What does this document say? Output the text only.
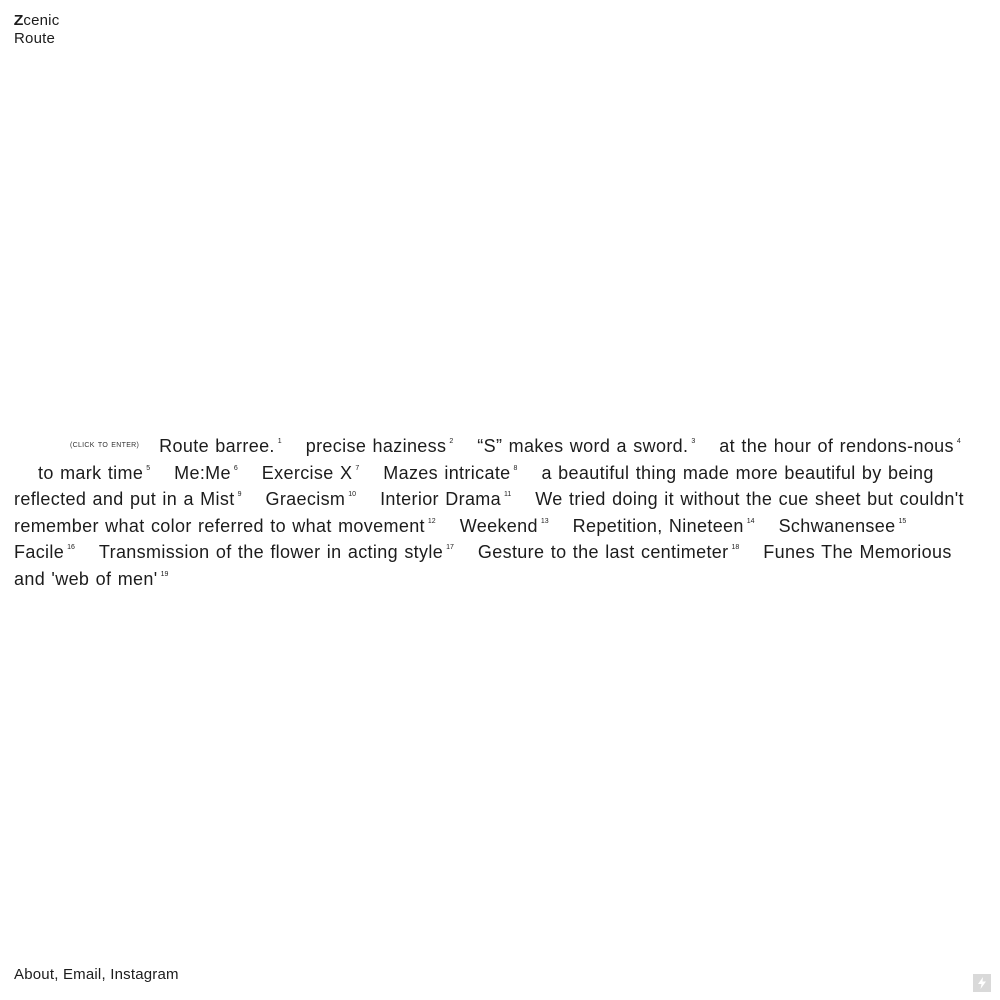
Zcenic
Route
(CLICK TO ENTER) Route barree. $^1$ precise haziness $^2$ “S” makes word a sword. $^3$ at the hour of rendons-nous $^4$to mark time $^5$ Me:Me $^6$ Exercise X $^7$ Mazes intricate $^8$ a beautiful thing made more beautiful by being reflected and put in a Mist $^9$ Graecism $^{10}$ Interior Drama $^{11}$ We tried doing it without the cue sheet but couldn't remember what color referred to what movement $^{12}$ Weekend $^{13}$ Repetition, Nineteen $^{14}$ Schwanensee $^{15}$Facile $^{16}$ Transmission of the flower in acting style $^{17}$ Gesture to the last centimeter $^{18}$ Funes The Memorious and 'web of men' $^{19}$
About, Email, Instagram
